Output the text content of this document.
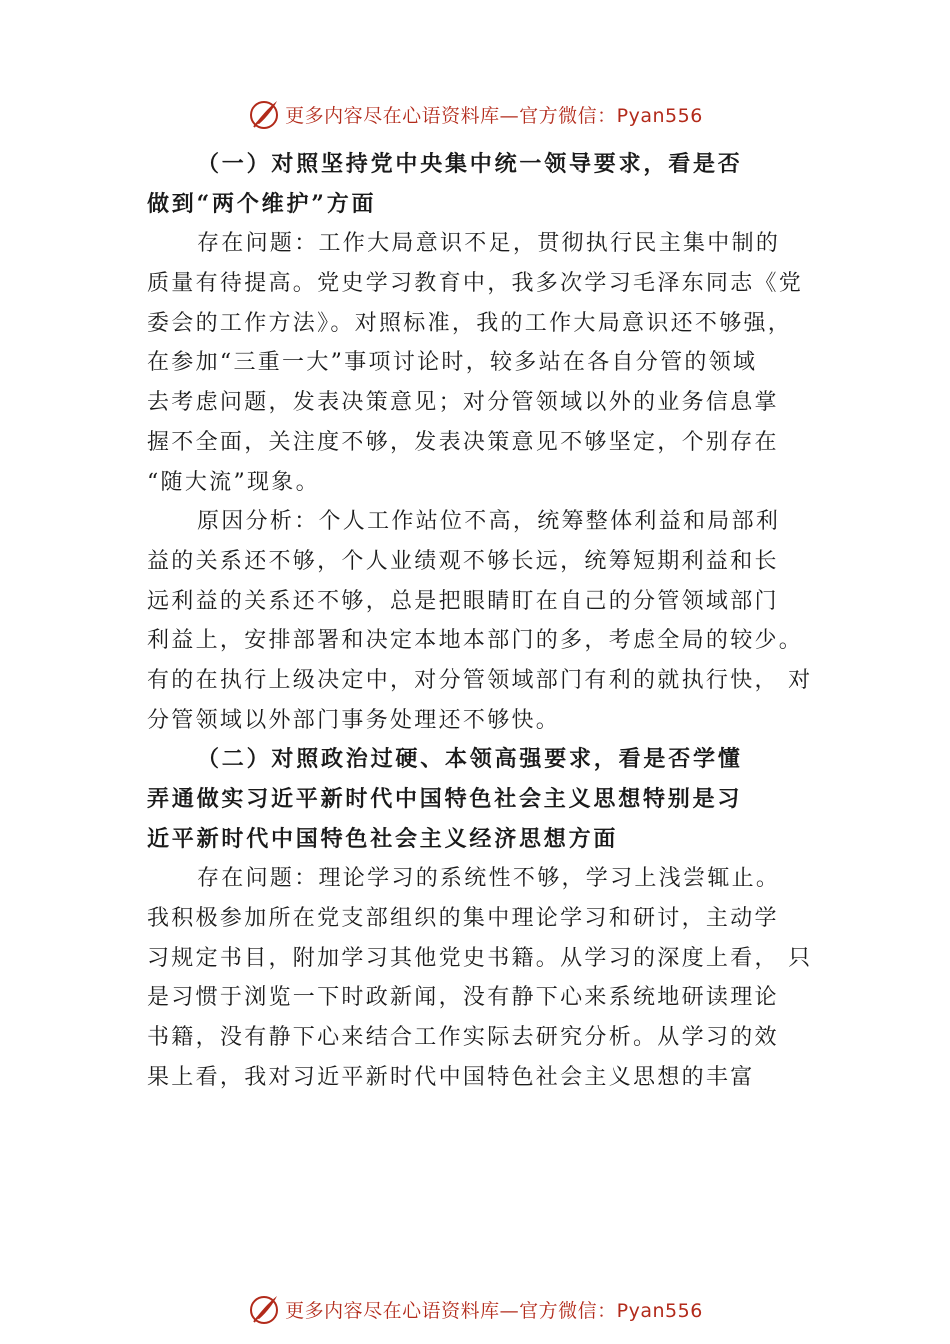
更多内容尽在心语资料库—官方微信：Pyan556
（一）对照坚持党中央集中统一领导要求，看是否
做到“两个维护”方面
存在问题：工作大局意识不足，贯彻执行民主集中制的
质量有待提高。党史学习教育中，我多次学习毛泽东同志《党
委会的工作方法》。对照标准，我的工作大局意识还不够强，
在参加“三重一大”事项讨论时，较多站在各自分管的领域
去考虑问题，发表决策意见；对分管领域以外的业务信息掌
握不全面，关注度不够，发表决策意见不够坚定，个别存在
“随大流”现象。
原因分析：个人工作站位不高，统筹整体利益和局部利
益的关系还不够，个人业绩观不够长远，统筹短期利益和长
远利益的关系还不够，总是把眼睛盯在自己的分管领域部门
利益上，安排部署和决定本地本部门的多，考虑全局的较少。
有的在执行上级决定中，对分管领域部门有利的就执行快， 对
分管领域以外部门事务处理还不够快。
（二）对照政治过硬、本领高强要求，看是否学懂
弄通做实习近平新时代中国特色社会主义思想特别是习
近平新时代中国特色社会主义经济思想方面
存在问题：理论学习的系统性不够，学习上浅尝辄止。
我积极参加所在党支部组织的集中理论学习和研讨，主动学
习规定书目，附加学习其他党史书籍。从学习的深度上看， 只
是习惯于浏览一下时政新闻，没有静下心来系统地研读理论
书籍，没有静下心来结合工作实际去研究分析。从学习的效
果上看，我对习近平新时代中国特色社会主义思想的丰富
更多内容尽在心语资料库—官方微信：Pyan556
